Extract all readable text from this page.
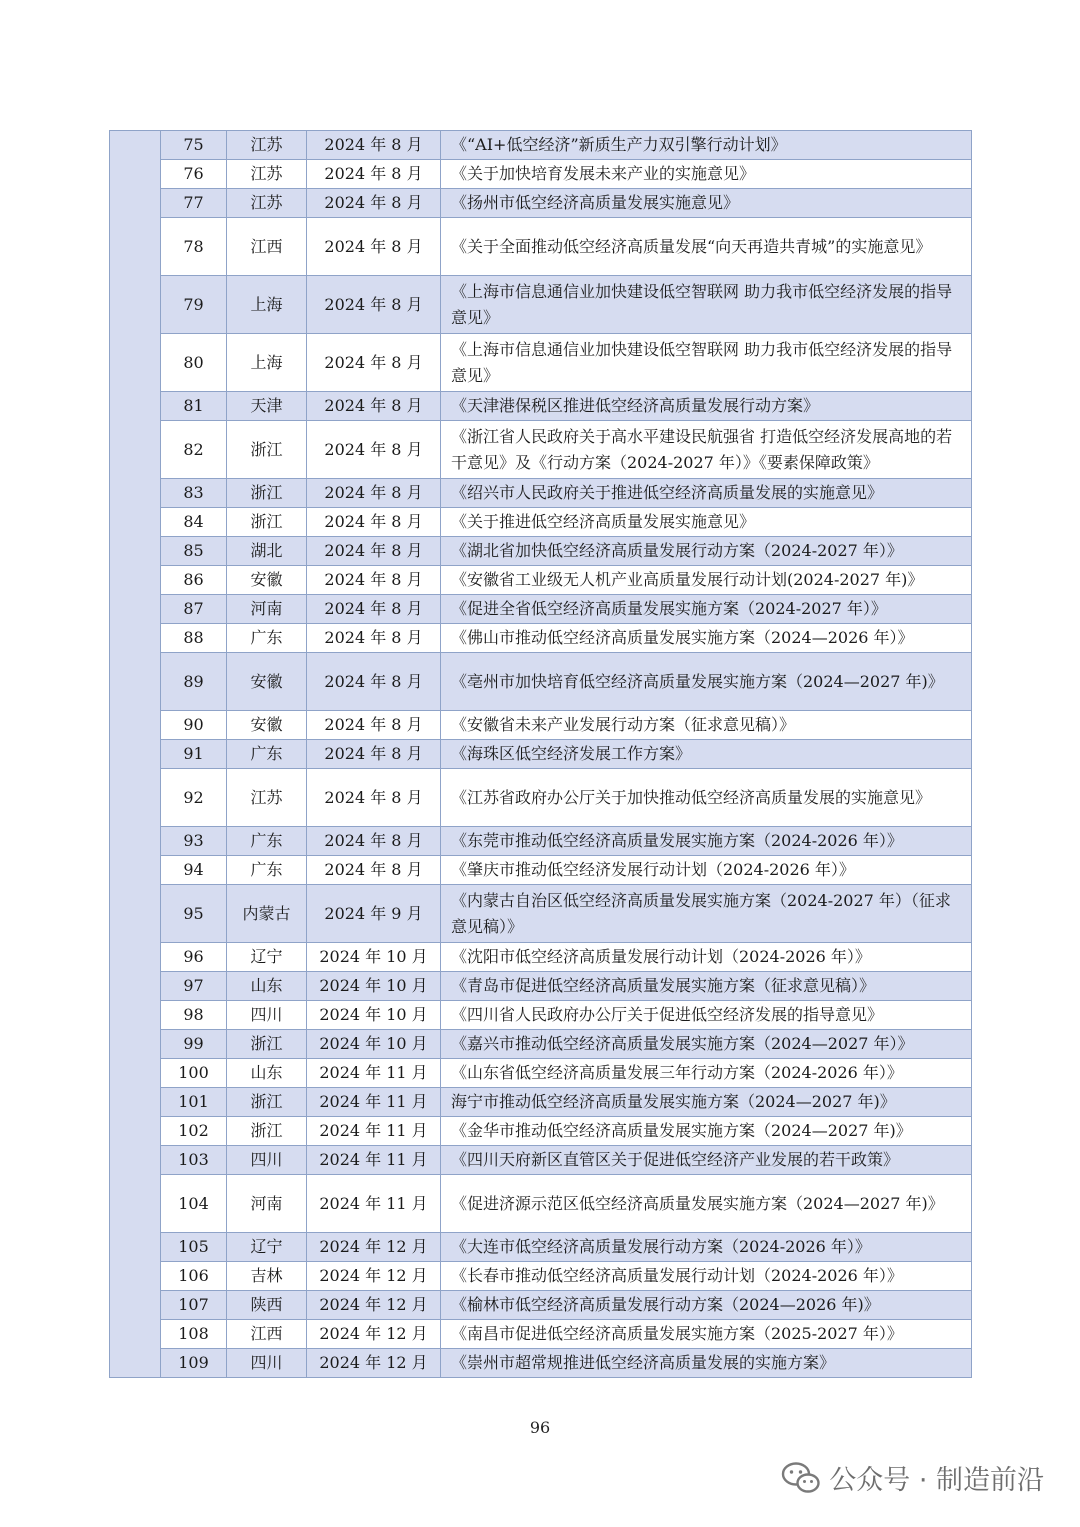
	75	江苏	2024 年 8 月	《“AI+低空经济”新质生产力双引擎行动计划》
	76	江苏	2024 年 8 月	《关于加快培育发展未来产业的实施意见》
	77	江苏	2024 年 8 月	《扬州市低空经济高质量发展实施意见》
	78	江西	2024 年 8 月	《关于全面推动低空经济高质量发展“向天再造共青城”的实施意见》
	79	上海	2024 年 8 月	《上海市信息通信业加快建设低空智联网 助力我市低空经济发展的指导意见》
	80	上海	2024 年 8 月	《上海市信息通信业加快建设低空智联网 助力我市低空经济发展的指导意见》
	81	天津	2024 年 8 月	《天津港保税区推进低空经济高质量发展行动方案》
	82	浙江	2024 年 8 月	《浙江省人民政府关于高水平建设民航强省 打造低空经济发展高地的若干意见》及《行动方案（2024-2027 年）》《要素保障政策》
	83	浙江	2024 年 8 月	《绍兴市人民政府关于推进低空经济高质量发展的实施意见》
	84	浙江	2024 年 8 月	《关于推进低空经济高质量发展实施意见》
	85	湖北	2024 年 8 月	《湖北省加快低空经济高质量发展行动方案（2024-2027 年）》
	86	安徽	2024 年 8 月	《安徽省工业级无人机产业高质量发展行动计划(2024-2027 年)》
	87	河南	2024 年 8 月	《促进全省低空经济高质量发展实施方案（2024-2027 年）》
	88	广东	2024 年 8 月	《佛山市推动低空经济高质量发展实施方案（2024—2026 年）》
	89	安徽	2024 年 8 月	《亳州市加快培育低空经济高质量发展实施方案（2024—2027 年)》
	90	安徽	2024 年 8 月	《安徽省未来产业发展行动方案（征求意见稿）》
	91	广东	2024 年 8 月	《海珠区低空经济发展工作方案》
	92	江苏	2024 年 8 月	《江苏省政府办公厅关于加快推动低空经济高质量发展的实施意见》
	93	广东	2024 年 8 月	《东莞市推动低空经济高质量发展实施方案（2024-2026 年）》
	94	广东	2024 年 8 月	《肇庆市推动低空经济发展行动计划（2024-2026 年）》
	95	内蒙古	2024 年 9 月	《内蒙古自治区低空经济高质量发展实施方案（2024-2027 年）（征求意见稿）》
	96	辽宁	2024 年 10 月	《沈阳市低空经济高质量发展行动计划（2024-2026 年）》
	97	山东	2024 年 10 月	《青岛市促进低空经济高质量发展实施方案（征求意见稿）》
	98	四川	2024 年 10 月	《四川省人民政府办公厅关于促进低空经济发展的指导意见》
	99	浙江	2024 年 10 月	《嘉兴市推动低空经济高质量发展实施方案（2024—2027 年）》
	100	山东	2024 年 11 月	《山东省低空经济高质量发展三年行动方案（2024-2026 年）》
	101	浙江	2024 年 11 月	海宁市推动低空经济高质量发展实施方案（2024—2027 年)》
	102	浙江	2024 年 11 月	《金华市推动低空经济高质量发展实施方案（2024—2027 年)》
	103	四川	2024 年 11 月	《四川天府新区直管区关于促进低空经济产业发展的若干政策》
	104	河南	2024 年 11 月	《促进济源示范区低空经济高质量发展实施方案（2024—2027 年)》
	105	辽宁	2024 年 12 月	《大连市低空经济高质量发展行动方案（2024-2026 年）》
	106	吉林	2024 年 12 月	《长春市推动低空经济高质量发展行动计划（2024-2026 年）》
	107	陕西	2024 年 12 月	《榆林市低空经济高质量发展行动方案（2024—2026 年)》
	108	江西	2024 年 12 月	《南昌市促进低空经济高质量发展实施方案（2025-2027 年）》
	109	四川	2024 年 12 月	《崇州市超常规推进低空经济高质量发展的实施方案》
96
公众号 · 制造前沿
